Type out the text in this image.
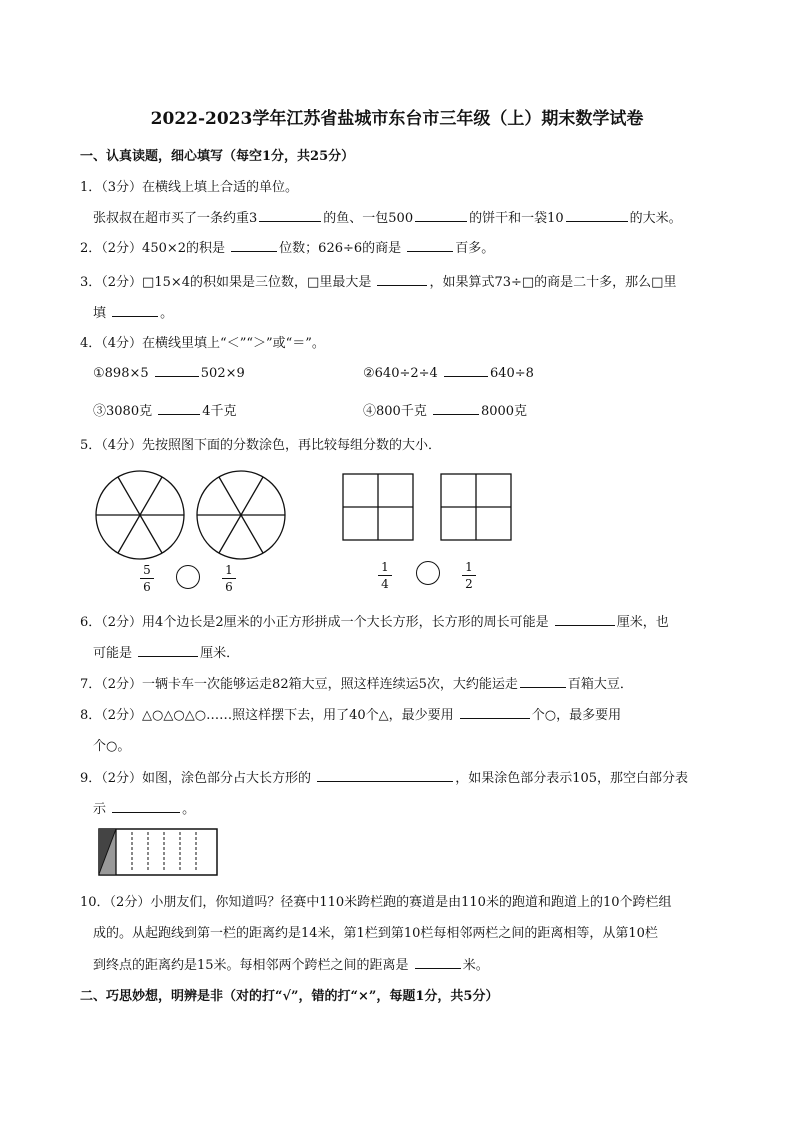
2022-2023学年江苏省盐城市东台市三年级（上）期末数学试卷
一、认真读题，细心填写（每空1分，共25分）
1．（3分）在横线上填上合适的单位。
张叔叔在超市买了一条约重3	的鱼、一包500	的饼干和一袋10	的大米。
2．（2分）450×2的积是	位数；626÷6的商是	百多。
3．（2分）□15×4的积如果是三位数，□里最大是	，如果算式73÷□的商是二十多，那么□里
填	。
4．（4分）在横线里填上“＜”“＞”或“＝”。
①898×5	502×9	②640÷2÷4	640÷8
③3080克	4千克	④800千克	8000克
5．（4分）先按照图下面的分数涂色，再比较每组分数的大小．
5
6
1
6
1
4
1
2
6．（2分）用4个边长是2厘米的小正方形拼成一个大长方形，长方形的周长可能是	厘米，也
可能是	厘米．
7．（2分）一辆卡车一次能够运走82箱大豆，照这样连续运5次，大约能运走	百箱大豆．
8．（2分）△○△○△○……照这样摆下去，用了40个△，最少要用	个○，最多要用
个○。
9．（2分）如图，涂色部分占大长方形的	，如果涂色部分表示105，那空白部分表
示	。
10．（2分）小朋友们，你知道吗？径赛中110米跨栏跑的赛道是由110米的跑道和跑道上的10个跨栏组
成的。从起跑线到第一栏的距离约是14米，第1栏到第10栏每相邻两栏之间的距离相等，从第10栏
到终点的距离约是15米。每相邻两个跨栏之间的距离是	米。
二、巧思妙想，明辨是非（对的打“√”，错的打“×”，每题1分，共5分）
